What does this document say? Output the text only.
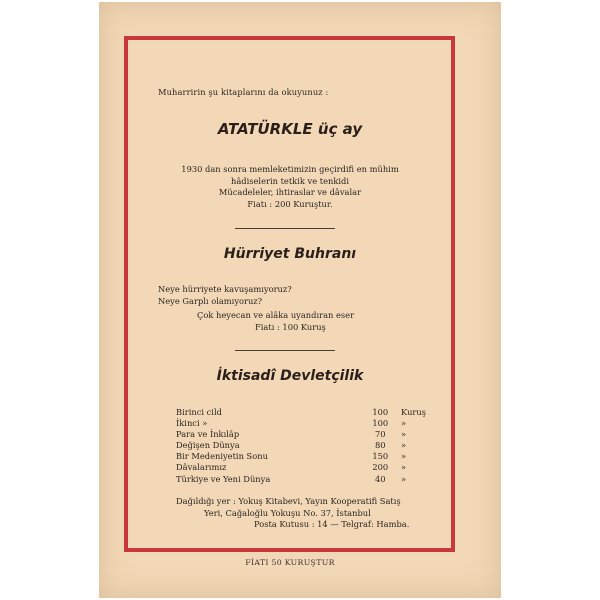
Muharririn şu kitaplarını da okuyunuz :
ATATÜRKLE üç ay
1930 dan sonra memleketimizin geçirdifi en mühim
hâdiselerin tetkik ve tenkidi
Mücadeleler, ihtiraslar ve dâvalar
Fiatı : 200 Kuruştur.
Hürriyet Buhranı
Neye hürriyete kavuşamıyoruz?
Neye Garplı olamıyoruz?
Çok heyecan ve alâka uyandıran eser
Fiatı : 100 Kuruş
İktisadî Devletçilik
Birinci cild	100	Kuruş
İkinci »	100	»
Para ve İnkılâp	70	»
Değişen Dünya	80	»
Bir Medeniyetin Sonu	150	»
Dâvalarımız	200	»
Türkiye ve Yeni Dünya	40	»
Dağıldığı yer : Yokuş Kitabevi, Yayın Kooperatifi Satış
Yeri, Cağaloğlu Yokuşu No. 37, İstanbul
Posta Kutusu : 14 — Telgraf: Hamba.
FİATI 50 KURUŞTUR
